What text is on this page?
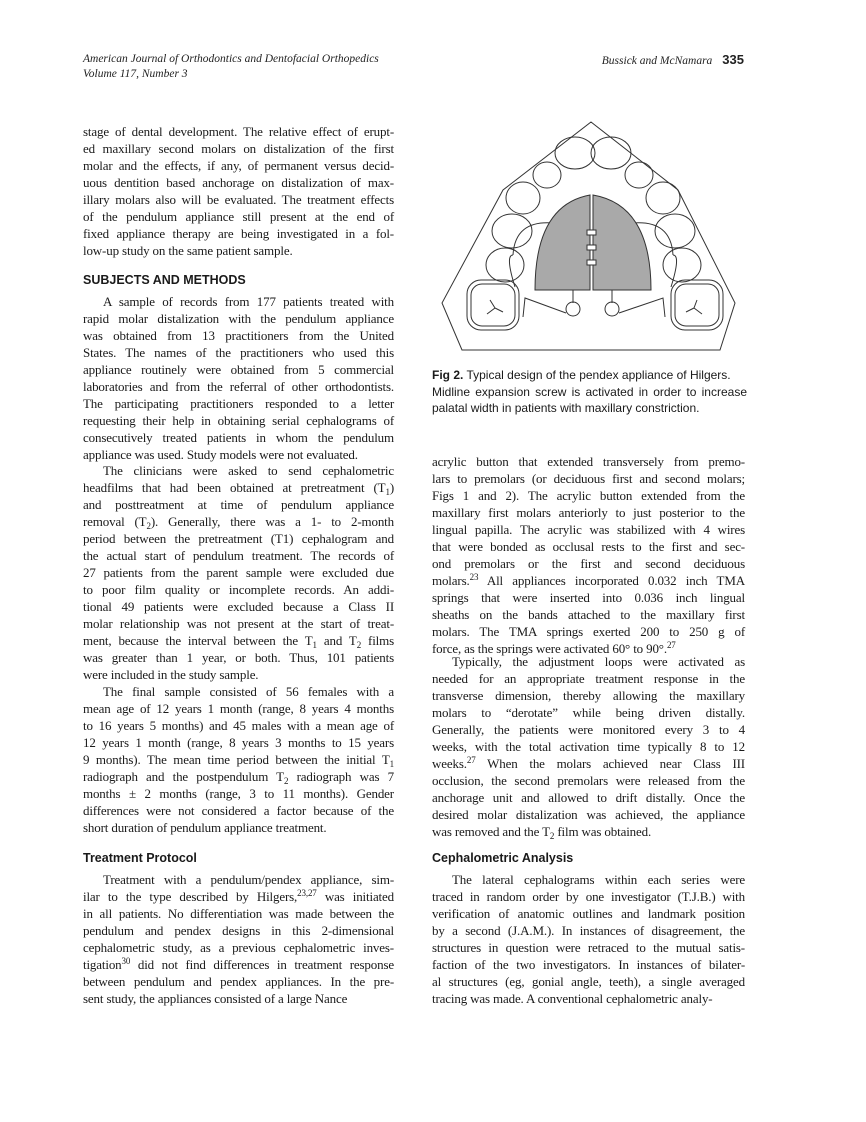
American Journal of Orthodontics and Dentofacial Orthopedics
Volume 117, Number 3
Bussick and McNamara 335
stage of dental development. The relative effect of erupt-
ed maxillary second molars on distalization of the first
molar and the effects, if any, of permanent versus decid-
uous dentition based anchorage on distalization of max-
illary molars also will be evaluated. The treatment effects
of the pendulum appliance still present at the end of
fixed appliance therapy are being investigated in a fol-
low-up study on the same patient sample.
SUBJECTS AND METHODS
A sample of records from 177 patients treated with
rapid molar distalization with the pendulum appliance
was obtained from 13 practitioners from the United
States. The names of the practitioners who used this
appliance routinely were obtained from 5 commercial
laboratories and from the referral of other orthodontists.
The participating practitioners responded to a letter
requesting their help in obtaining serial cephalograms of
consecutively treated patients in whom the pendulum
appliance was used. Study models were not evaluated.
The clinicians were asked to send cephalometric
headfilms that had been obtained at pretreatment $(T_1)$
and posttreatment at time of pendulum appliance
removal $(T_2)$. Generally, there was a 1- to 2-month
period between the pretreatment (T1) cephalogram and
the actual start of pendulum treatment. The records of
27 patients from the parent sample were excluded due
to poor film quality or incomplete records. An addi-
tional 49 patients were excluded because a Class II
molar relationship was not present at the start of treat-
ment, because the interval between the $T_1$ and $T_2$ films
was greater than 1 year, or both. Thus, 101 patients
were included in the study sample.
The final sample consisted of 56 females with a
mean age of 12 years 1 month (range, 8 years 4 months
to 16 years 5 months) and 45 males with a mean age of
12 years 1 month (range, 8 years 3 months to 15 years
9 months). The mean time period between the initial $T_1$
radiograph and the postpendulum $T_2$ radiograph was 7
months ± 2 months (range, 3 to 11 months). Gender
differences were not considered a factor because of the
short duration of pendulum appliance treatment.
Treatment Protocol
Treatment with a pendulum/pendex appliance, sim-
ilar to the type described by Hilgers,$^{23,27}$ was initiated
in all patients. No differentiation was made between the
pendulum and pendex designs in this 2-dimensional
cephalometric study, as a previous cephalometric inves-
tigation$^{30}$ did not find differences in treatment response
between pendulum and pendex appliances. In the pre-
sent study, the appliances consisted of a large Nance
Fig 2. Typical design of the pendex appliance of Hilgers.
Midline expansion screw is activated in order to increase
palatal width in patients with maxillary constriction.
acrylic button that extended transversely from premo-
lars to premolars (or deciduous first and second molars;
Figs 1 and 2). The acrylic button extended from the
maxillary first molars anteriorly to just posterior to the
lingual papilla. The acrylic was stabilized with 4 wires
that were bonded as occlusal rests to the first and sec-
ond premolars or the first and second deciduous
molars.$^{23}$ All appliances incorporated 0.032 inch TMA
springs that were inserted into 0.036 inch lingual
sheaths on the bands attached to the maxillary first
molars. The TMA springs exerted 200 to 250 g of
force, as the springs were activated 60° to 90°.$^{27}$
Typically, the adjustment loops were activated as
needed for an appropriate treatment response in the
transverse dimension, thereby allowing the maxillary
molars to “derotate” while being driven distally.
Generally, the patients were monitored every 3 to 4
weeks, with the total activation time typically 8 to 12
weeks.$^{27}$ When the molars achieved near Class III
occlusion, the second premolars were released from the
anchorage unit and allowed to drift distally. Once the
desired molar distalization was achieved, the appliance
was removed and the $T_2$ film was obtained.
Cephalometric Analysis
The lateral cephalograms within each series were
traced in random order by one investigator (T.J.B.) with
verification of anatomic outlines and landmark position
by a second (J.A.M.). In instances of disagreement, the
structures in question were retraced to the mutual satis-
faction of the two investigators. In instances of bilater-
al structures (eg, gonial angle, teeth), a single averaged
tracing was made. A conventional cephalometric analy-
